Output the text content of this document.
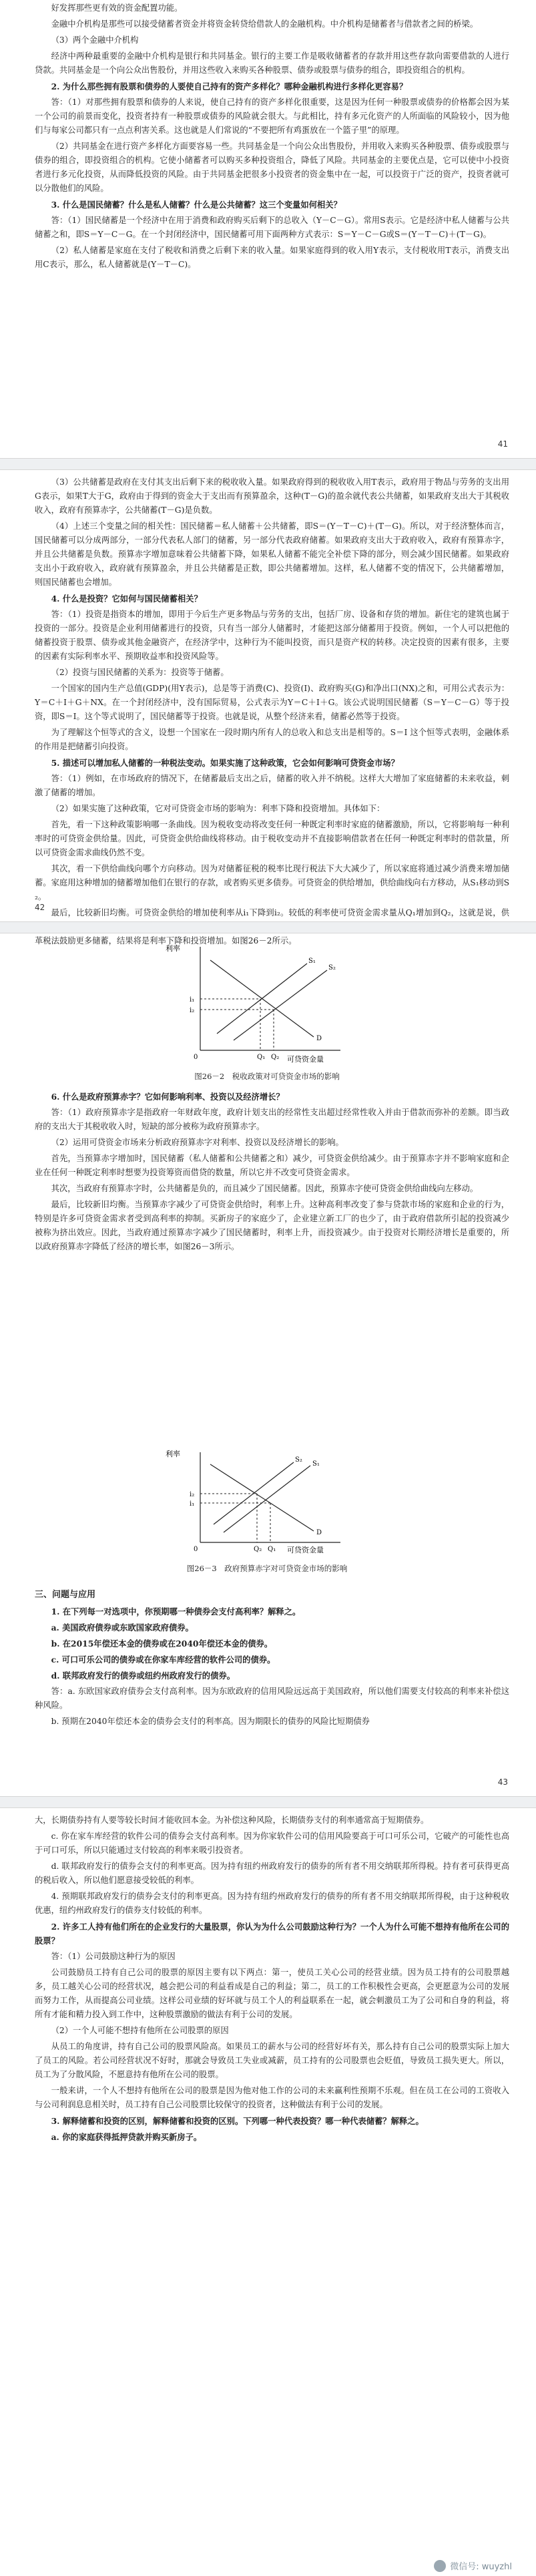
好发挥那些更有效的资金配置功能。

金融中介机构是那些可以接受储蓄者资金并将资金转贷给借款人的金融机构。中介机构是储蓄者与借款者之间的桥梁。

（3）两个金融中介机构

经济中两种最重要的金融中介机构是银行和共同基金。银行的主要工作是吸收储蓄者的存款并用这些存款向需要借款的人进行贷款。共同基金是一个向公众出售股份，并用这些收入来购买各种股票、债券或股票与债券的组合，即投资组合的机构。

2. 为什么那些拥有股票和债券的人要使自己持有的资产多样化？哪种金融机构进行多样化更容易？

答：（1）对那些拥有股票和债券的人来说，使自己持有的资产多样化很重要，这是因为任何一种股票或债券的价格都会因为某一个公司的前景而变化，投资者持有一种股票或债券的风险就会很大。与此相比，持有多元化资产的人所面临的风险较小，因为他们与每家公司都只有一点点利害关系。这也就是人们常说的“不要把所有鸡蛋放在一个篮子里”的原理。

（2）共同基金在进行资产多样化方面要容易一些。共同基金是一个向公众出售股份，并用收入来购买各种股票、债券或股票与债券的组合，即投资组合的机构。它使小储蓄者可以购买多种投资组合，降低了风险。共同基金的主要优点是，它可以使中小投资者进行多元化投资，从而降低投资的风险。由于共同基金把很多小投资者的资金集中在一起，可以投资于广泛的资产，投资者就可以分散他们的风险。

3. 什么是国民储蓄？什么是私人储蓄？什么是公共储蓄？这三个变量如何相关？

答：（1）国民储蓄是一个经济中在用于消费和政府购买后剩下的总收入（Y－C－G）。常用S表示。它是经济中私人储蓄与公共储蓄之和，即S＝Y－C－G。在一个封闭经济中，国民储蓄可用下面两种方式表示：S＝Y－C－G或S＝(Y－T－C)＋(T－G)。

（2）私人储蓄是家庭在支付了税收和消费之后剩下来的收入量。如果家庭得到的收入用Y表示，支付税收用T表示，消费支出用C表示，那么，私人储蓄就是(Y－T－C)。

41

（3）公共储蓄是政府在支付其支出后剩下来的税收收入量。如果政府得到的税收收入用T表示，政府用于物品与劳务的支出用G表示，如果T大于G，政府由于得到的资金大于支出而有预算盈余，这种(T－G)的盈余就代表公共储蓄，如果政府支出大于其税收收入，政府有预算赤字，公共储蓄(T－G)是负数。

（4）上述三个变量之间的相关性：国民储蓄＝私人储蓄＋公共储蓄，即S＝(Y－T－C)＋(T－G)。所以，对于经济整体而言，国民储蓄可以分成两部分，一部分代表私人部门的储蓄，另一部分代表政府储蓄。如果政府支出大于政府收入，政府有预算赤字，并且公共储蓄是负数。预算赤字增加意味着公共储蓄下降，如果私人储蓄不能完全补偿下降的部分，则会减少国民储蓄。如果政府支出小于政府收入，政府就有预算盈余，并且公共储蓄是正数，即公共储蓄增加。这样，私人储蓄不变的情况下，公共储蓄增加，则国民储蓄也会增加。

4. 什么是投资？它如何与国民储蓄相关？

答：（1）投资是指资本的增加，即用于今后生产更多物品与劳务的支出，包括厂房、设备和存货的增加。新住宅的建筑也属于投资的一部分。投资是企业利用储蓄进行的投资，只有当一部分人储蓄时，才能把这部分储蓄用于投资。例如，一个人可以把他的储蓄投资于股票、债券或其他金融资产，在经济学中，这种行为不能叫投资，而只是资产权的转移。决定投资的因素有很多，主要的因素有实际利率水平、预期收益率和投资风险等。

（2）投资与国民储蓄的关系为：投资等于储蓄。

一个国家的国内生产总值(GDP)(用Y表示)，总是等于消费(C)、投资(I)、政府购买(G)和净出口(NX)之和，可用公式表示为：Y＝C＋I＋G＋NX。在一个封闭经济中，没有国际贸易，公式表示为Y＝C＋I＋G。该公式说明国民储蓄（S＝Y－C－G）等于投资，即S＝I。这个等式说明了，国民储蓄等于投资。也就是说，从整个经济来看，储蓄必然等于投资。

为了理解这个恒等式的含义，设想一个国家在一段时期内所有人的总收入和总支出是相等的。S＝I 这个恒等式表明，金融体系的作用是把储蓄引向投资。

5. 描述可以增加私人储蓄的一种税法变动。如果实施了这种政策，它会如何影响可贷资金市场？

答：（1）例如，在市场政府的情况下，在储蓄最后支出之后，储蓄的收入并不纳税。这样大大增加了家庭储蓄的未来收益，刺激了储蓄的增加。

（2）如果实施了这种政策，它对可贷资金市场的影响为：利率下降和投资增加。具体如下：

首先，看一下这种政策影响哪一条曲线。因为税收变动将改变任何一种既定利率时家庭的储蓄激励，所以，它将影响每一种利率时的可贷资金供给量。因此，可贷资金供给曲线将移动。由于税收变动并不直接影响借款者在任何一种既定利率时的借款量，所以可贷资金需求曲线仍然不变。

其次，看一下供给曲线向哪个方向移动。因为对储蓄征税的税率比现行税法下大大减少了，所以家庭将通过减少消费来增加储蓄。家庭用这种增加的储蓄增加他们在银行的存款，或者购买更多债券。可贷资金的供给增加，供给曲线向右方移动，从S₁移动到S₂。

最后，比较新旧均衡。可贷资金供给的增加使利率从i₁下降到i₂。较低的利率使可贷资金需求量从Q₁增加到Q₂，这就是说，供 革税法鼓励更多储蓄，结果将是利率下降和投资增加。如图26－2所示。

42
利率
可贷资金量
i₁
i₂
S₁
S₂
D
Q₁ Q₂
0
图26－2　税收政策对可贷资金市场的影响

6. 什么是政府预算赤字？它如何影响利率、投资以及经济增长？

答：（1）政府预算赤字是指政府一年财政年度，政府计划支出的经常性支出超过经常性收入并由于借款而弥补的差额。即当政府的支出大于其税收收入时，短缺的部分被称为政府预算赤字。

（2）运用可贷资金市场来分析政府预算赤字对利率、投资以及经济增长的影响。

首先，当预算赤字增加时，国民储蓄（私人储蓄和公共储蓄之和）减少，可贷资金供给减少。由于预算赤字并不影响家庭和企业在任何一种既定利率时想要为投资筹资而借贷的数量，所以它并不改变可贷资金需求。

其次，当政府有预算赤字时，公共储蓄是负的，而且减少了国民储蓄。因此，预算赤字使可贷资金供给曲线向左移动。

最后，比较新旧均衡。当预算赤字减少了可贷资金供给时，利率上升。这种高利率改变了参与贷款市场的家庭和企业的行为，特别是许多可贷资金需求者受到高利率的抑制。买新房子的家庭少了，企业建立新工厂的也少了，由于政府借款所引起的投资减少被称为挤出效应。因此，当政府通过预算赤字减少了国民储蓄时，利率上升，而投资减少。由于投资对长期经济增长是重要的，所以政府预算赤字降低了经济的增长率，如图26－3所示。

利率
可贷资金量
i₂
i₁
S₂
S₁
D
Q₂ Q₁
0
图26－3　政府预算赤字对可贷资金市场的影响

三、问题与应用

1. 在下列每一对选项中，你预期哪一种债券会支付高利率？解释之。

a. 美国政府债券或东欧国家政府债券。

b. 在2015年偿还本金的债券或在2040年偿还本金的债券。

c. 可口可乐公司的债券或在你家车库经营的软件公司的债券。

d. 联邦政府发行的债券或纽约州政府发行的债券。

答：a. 东欧国家政府债券会支付高利率。因为东欧政府的信用风险远远高于美国政府，所以他们需要支付较高的利率来补偿这种风险。

b. 预期在2040年偿还本金的债券会支付的利率高。因为期限长的债券的风险比短期债券

43

大，长期债券持有人要等较长时间才能收回本金。为补偿这种风险，长期债券支付的利率通常高于短期债券。

c. 你在家车库经营的软件公司的债券会支付高利率。因为你家软件公司的信用风险要高于可口可乐公司，它破产的可能性也高于可口可乐，所以只能通过支付较高的利率来吸引投资者。

d. 联邦政府发行的债券会支付的利率更高。因为持有纽约州政府发行的债券的所有者不用交纳联邦所得税。持有者可获得更高的税后收入，所以他们愿意接受较低的利率。

4. 预期联邦政府发行的债券会支付的利率更高。因为持有纽约州政府发行的债券的所有者不用交纳联邦所得税，由于这种税收优惠，纽约州政府发行的债券支付较低的利率。

2. 许多工人持有他们所在的企业发行的大量股票，你认为为什么公司鼓励这种行为？一个人为什么可能不想持有他所在公司的股票？

答：（1）公司鼓励这种行为的原因

公司鼓励员工持有自己公司的股票的原因主要有以下两点：第一，使员工关心公司的经营业绩。因为员工持有的公司股票越多，员工越关心公司的经营状况，越会把公司的利益看成是自己的利益；第二，员工的工作积极性会更高，会更愿意为公司的发展而努力工作，从而提高公司业绩。这样公司业绩的好坏就与员工个人的利益联系在一起，就会刺激员工为了公司和自身的利益，将所有才能和精力投入到工作中，这种股票激励的做法有利于公司的发展。

（2）一个人可能不想持有他所在公司股票的原因

从员工的角度讲，持有自己公司的股票风险高。如果员工的薪水与公司的经营好坏有关，那么持有自己公司的股票实际上加大了员工的风险。若公司经营状况不好时，那就会导致员工失业或减薪，员工持有的公司股票也会贬值，导致员工损失更大。所以，员工为了分散风险，不愿意持有他所在公司的股票。

一般来讲，一个人不想持有他所在公司的股票是因为他对他工作的公司的未来赢利性预期不乐观。但在员工在公司的工资收入与公司利润息息相关时，员工持有自己公司股票比较保守的投资者，这种做法有利于公司的发展。

3. 解释储蓄和投资的区别，解释储蓄和投资的区别。下列哪一种代表投资？哪一种代表储蓄？解释之。

a. 你的家庭获得抵押贷款并购买新房子。

微信号: wuyzhl
